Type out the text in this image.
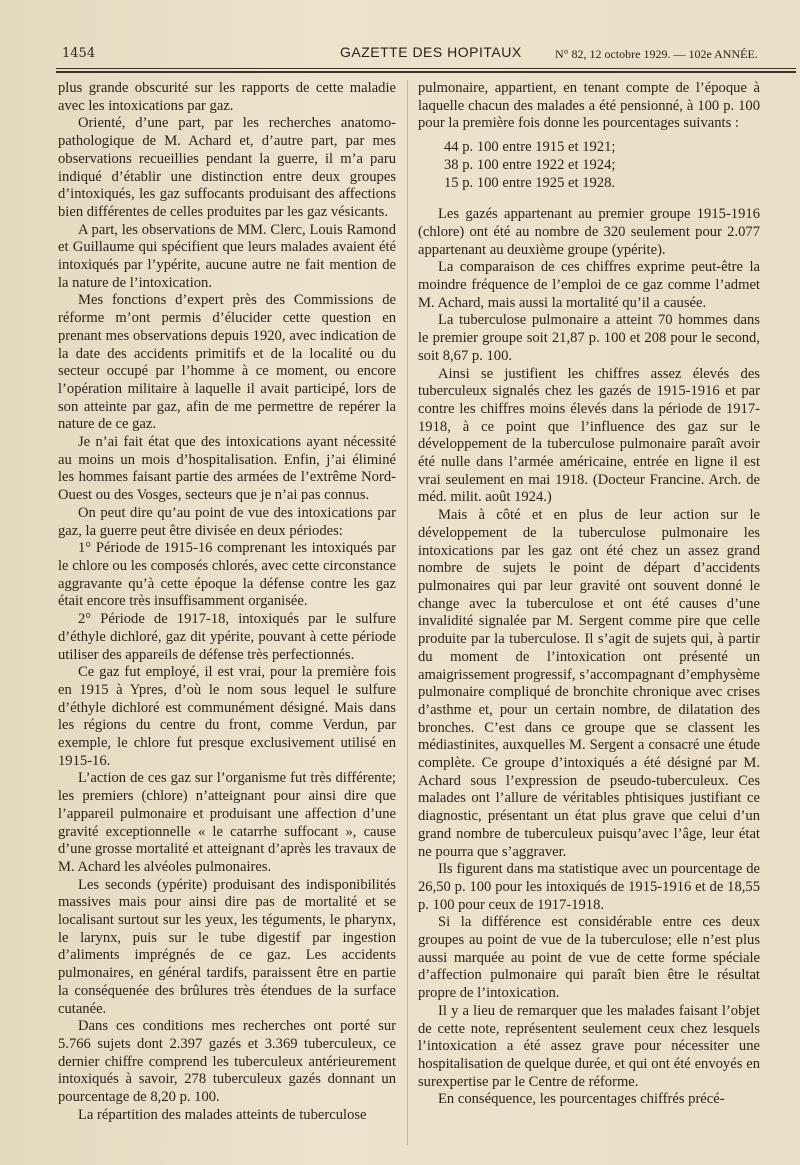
1454	GAZETTE DES HOPITAUX	N° 82, 12 octobre 1929. — 102e ANNÉE.

plus grande obscurité sur les rapports de cette maladie avec les intoxications par gaz.

Orienté, d’une part, par les recherches anatomo-pathologique de M. Achard et, d’autre part, par mes observations recueillies pendant la guerre, il m’a paru indiqué d’établir une distinction entre deux groupes d’intoxiqués, les gaz suffocants produisant des affections bien différentes de celles produites par les gaz vésicants.

A part, les observations de MM. Clerc, Louis Ramond et Guillaume qui spécifient que leurs malades avaient été intoxiqués par l’ypérite, aucune autre ne fait mention de la nature de l’intoxication.

Mes fonctions d’expert près des Commissions de réforme m’ont permis d’élucider cette question en prenant mes observations depuis 1920, avec indication de la date des accidents primitifs et de la localité ou du secteur occupé par l’homme à ce moment, ou encore l’opération militaire à laquelle il avait participé, lors de son atteinte par gaz, afin de me permettre de repérer la nature de ce gaz.

Je n’ai fait état que des intoxications ayant nécessité au moins un mois d’hospitalisation. Enfin, j’ai éliminé les hommes faisant partie des armées de l’extrême Nord-Ouest ou des Vosges, secteurs que je n’ai pas connus.

On peut dire qu’au point de vue des intoxications par gaz, la guerre peut être divisée en deux périodes:

1° Période de 1915-16 comprenant les intoxiqués par le chlore ou les composés chlorés, avec cette circonstance aggravante qu’à cette époque la défense contre les gaz était encore très insuffisamment organisée.

2° Période de 1917-18, intoxiqués par le sulfure d’éthyle dichloré, gaz dit ypérite, pouvant à cette période utiliser des appareils de défense très perfectionnés.

Ce gaz fut employé, il est vrai, pour la première fois en 1915 à Ypres, d’où le nom sous lequel le sulfure d’éthyle dichloré est communément désigné. Mais dans les régions du centre du front, comme Verdun, par exemple, le chlore fut presque exclusivement utilisé en 1915-16.

L’action de ces gaz sur l’organisme fut très différente; les premiers (chlore) n’atteignant pour ainsi dire que l’appareil pulmonaire et produisant une affection d’une gravité exceptionnelle « le catarrhe suffocant », cause d’une grosse mortalité et atteignant d’après les travaux de M. Achard les alvéoles pulmonaires.

Les seconds (ypérite) produisant des indisponibilités massives mais pour ainsi dire pas de mortalité et se localisant surtout sur les yeux, les téguments, le pharynx, le larynx, puis sur le tube digestif par ingestion d’aliments imprégnés de ce gaz. Les accidents pulmonaires, en général tardifs, paraissent être en partie la conséquenée des brûlures très étendues de la surface cutanée.

Dans ces conditions mes recherches ont porté sur 5.766 sujets dont 2.397 gazés et 3.369 tuberculeux, ce dernier chiffre comprend les tuberculeux antérieurement intoxiqués à savoir, 278 tuberculeux gazés donnant un pourcentage de 8,20 p. 100.

La répartition des malades atteints de tuberculose

pulmonaire, appartient, en tenant compte de l’époque à laquelle chacun des malades a été pensionné, à 100 p. 100 pour la première fois donne les pourcentages suivants :

44 p. 100 entre 1915 et 1921;
38 p. 100 entre 1922 et 1924;
15 p. 100 entre 1925 et 1928.

Les gazés appartenant au premier groupe 1915-1916 (chlore) ont été au nombre de 320 seulement pour 2.077 appartenant au deuxième groupe (ypérite).

La comparaison de ces chiffres exprime peut-être la moindre fréquence de l’emploi de ce gaz comme l’admet M. Achard, mais aussi la mortalité qu’il a causée.

La tuberculose pulmonaire a atteint 70 hommes dans le premier groupe soit 21,87 p. 100 et 208 pour le second, soit 8,67 p. 100.

Ainsi se justifient les chiffres assez élevés des tuberculeux signalés chez les gazés de 1915-1916 et par contre les chiffres moins élevés dans la période de 1917-1918, à ce point que l’influence des gaz sur le développement de la tuberculose pulmonaire paraît avoir été nulle dans l’armée américaine, entrée en ligne il est vrai seulement en mai 1918. (Docteur Francine. Arch. de méd. milit. août 1924.)

Mais à côté et en plus de leur action sur le développement de la tuberculose pulmonaire les intoxications par les gaz ont été chez un assez grand nombre de sujets le point de départ d’accidents pulmonaires qui par leur gravité ont souvent donné le change avec la tuberculose et ont été causes d’une invalidité signalée par M. Sergent comme pire que celle produite par la tuberculose. Il s’agit de sujets qui, à partir du moment de l’intoxication ont présenté un amaigrissement progressif, s’accompagnant d’emphysème pulmonaire compliqué de bronchite chronique avec crises d’asthme et, pour un certain nombre, de dilatation des bronches. C’est dans ce groupe que se classent les médiastinites, auxquelles M. Sergent a consacré une étude complète. Ce groupe d’intoxiqués a été désigné par M. Achard sous l’expression de pseudo-tuberculeux. Ces malades ont l’allure de véritables phtisiques justifiant ce diagnostic, présentant un état plus grave que celui d’un grand nombre de tuberculeux puisqu’avec l’âge, leur état ne pourra que s’aggraver.

Ils figurent dans ma statistique avec un pourcentage de 26,50 p. 100 pour les intoxiqués de 1915-1916 et de 18,55 p. 100 pour ceux de 1917-1918.

Si la différence est considérable entre ces deux groupes au point de vue de la tuberculose; elle n’est plus aussi marquée au point de vue de cette forme spéciale d’affection pulmonaire qui paraît bien être le résultat propre de l’intoxication.

Il y a lieu de remarquer que les malades faisant l’objet de cette note, représentent seulement ceux chez lesquels l’intoxication a été assez grave pour nécessiter une hospitalisation de quelque durée, et qui ont été envoyés en surexpertise par le Centre de réforme.

En conséquence, les pourcentages chiffrés précé-
